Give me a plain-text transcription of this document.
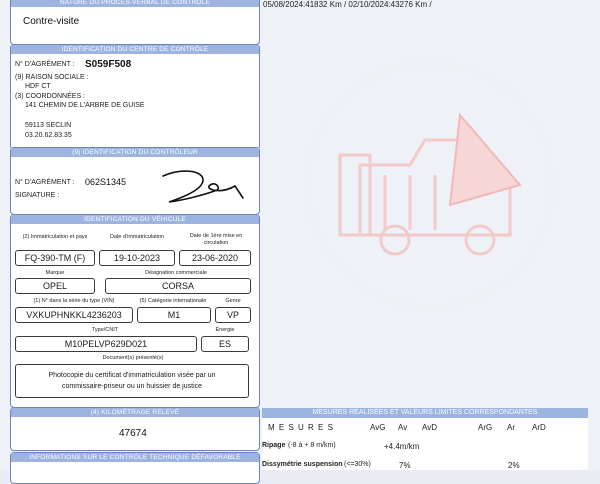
05/08/2024:41832 Km / 02/10/2024:43276 Km /
NATURE DU PROCÈS-VERBAL DE CONTRÔLE
Contre-visite
IDENTIFICATION DU CENTRE DE CONTRÔLE
N° D'AGRÉMENT : S059F508
(9) RAISON SOCIALE :
HDF CT
(3) COORDONNÉES :
141 CHEMIN DE L'ARBRE DE GUISE
59113 SECLIN
03.20.62.83.35
(9) IDENTIFICATION DU CONTRÔLEUR
N° D'AGRÉMENT : 062S1345
SIGNATURE :
IDENTIFICATION DU VÉHICULE
(2) Immatriculation et pays	Date d'immatriculation	Date de 1ère mise en circulation
FQ-390-TM (F)	19-10-2023	23-06-2020
Marque	Désignation commerciale
OPEL	CORSA
(1) N° dans la série du type (VIN)	(5) Catégorie internationale	Genre
VXKUPHNKKL4236203	M1	VP
Type/CNIT	Énergie
M10PELVP629D021	ES
Document(s) présenté(s)
Photocopie du certificat d'immatriculation visée par un
commissaire-priseur ou un huissier de justice
(4) KILOMÉTRAGE RELEVÉ
47674
INFORMATIONS SUR LE CONTRÔLE TECHNIQUE DÉFAVORABLE
MESURES RÉALISÉES ET VALEURS LIMITES CORRESPONDANTES
M E S U R E S	AvG Av AvD	ArG Ar ArD
Ripage (-8 à + 8 m/km)	+4.4m/km
Dissymétrie suspension (<=30%)	7%	2%
